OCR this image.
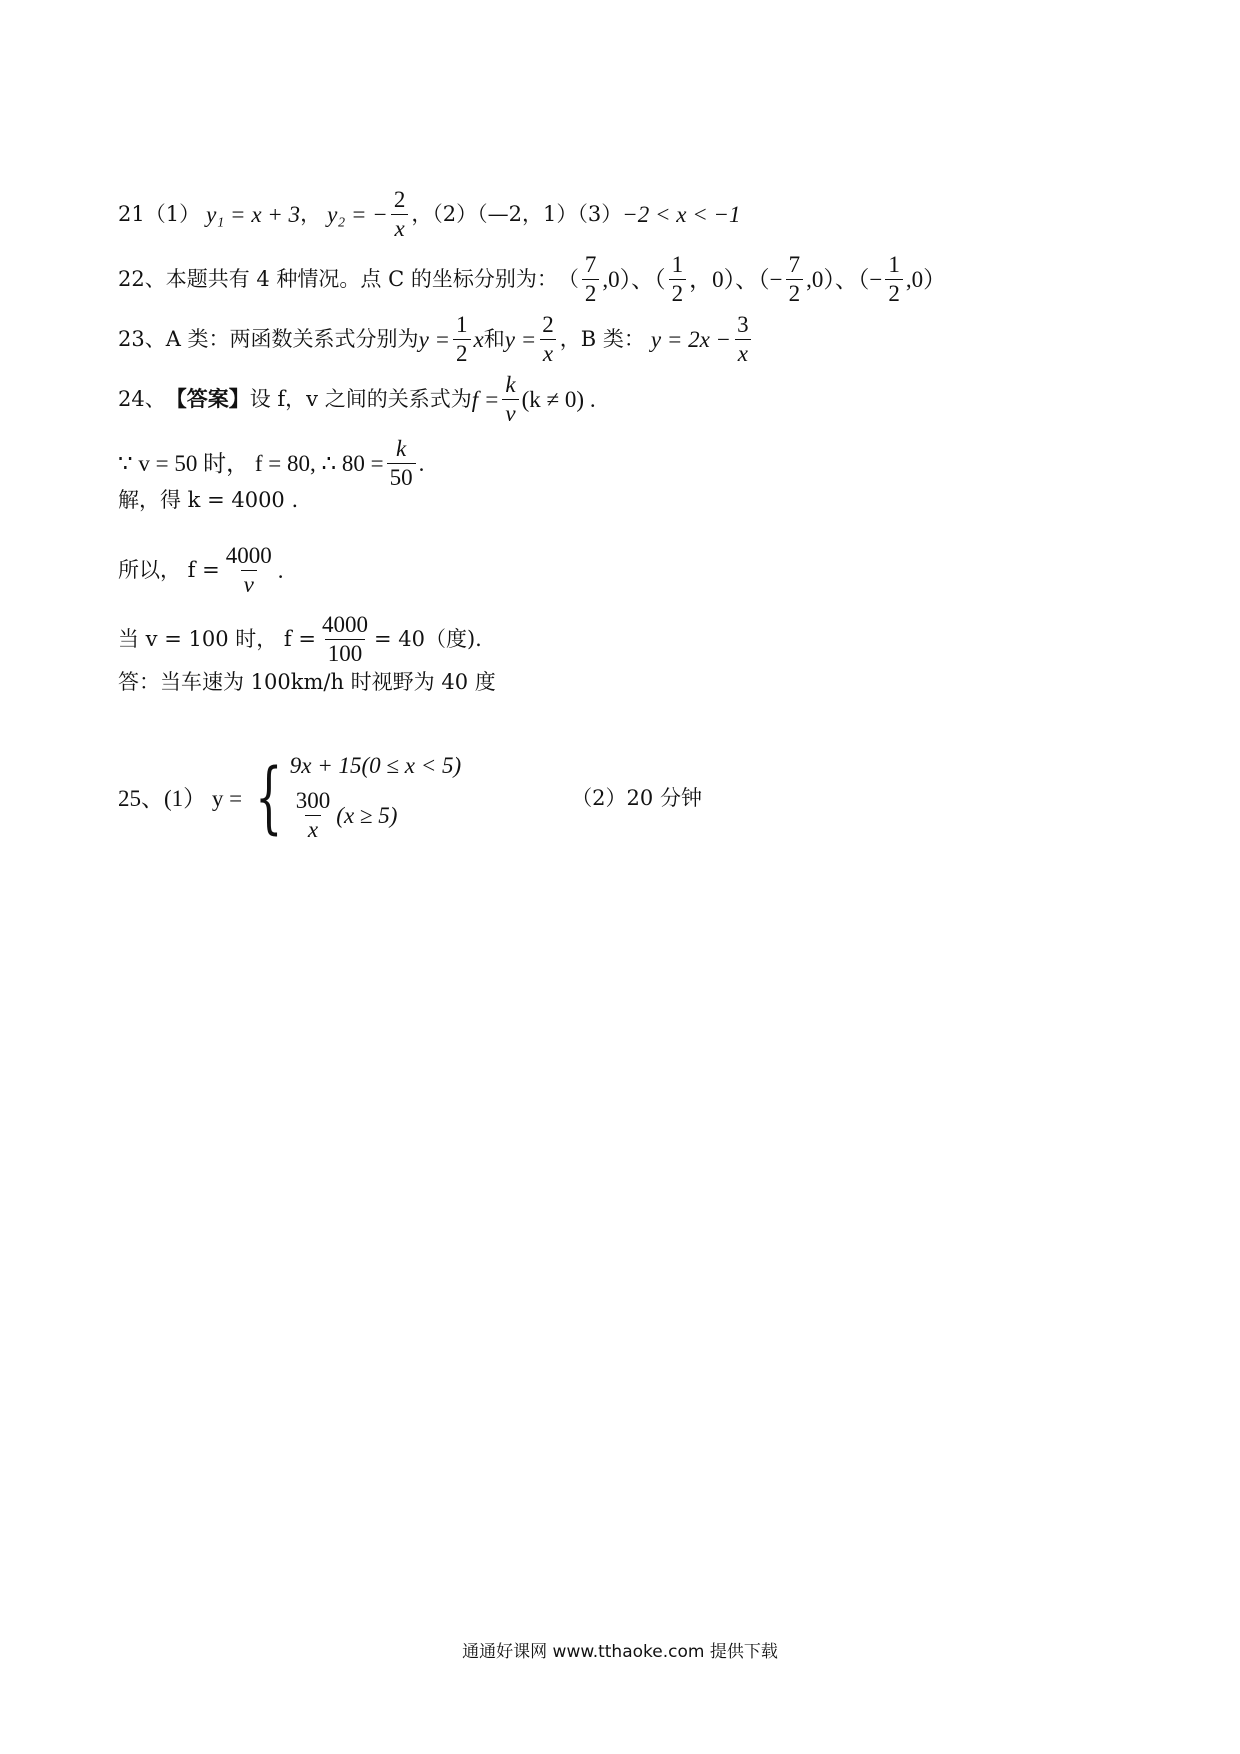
21（1） y₁ = x + 3 ， y₂ = − $\frac{2}{x}$ ，（2）（—2，1）（3） −2 < x < −1
22、本题共有 4 种情况。点 C 的坐标分别为： （ $\frac{7}{2} ,0$）、（ $\frac{1}{2}$ ，0）、（− $\frac{7}{2} ,0$）、（− $\frac{1}{2} ,0$）
23、A 类：两函数关系式分别为 $y = \frac{1}{2}$ x 和 $y = \frac{2}{x}$ ，B 类： $y = 2x - \frac{3}{x}$
24、 【答案】 设 f，v 之间的关系式为 $f = \frac{k}{v} (k \ne 0)$ .
∵ v = 50 时， f = 80, ∴ $80 = \frac{k}{50}$ .
解，得 k = 4000 .
所以， $f = \frac{4000}{v}$ .
当 v = 100 时， $f = \frac{4000}{100} = 40$（度).
答：当车速为 100km/h 时视野为 40 度
25、(1） y = { 9x + 15(0 ≤ x < 5)
$\frac{300}{x} (x \ge 5)$
（2）20 分钟
通通好课网 www.tthaoke.com 提供下载
